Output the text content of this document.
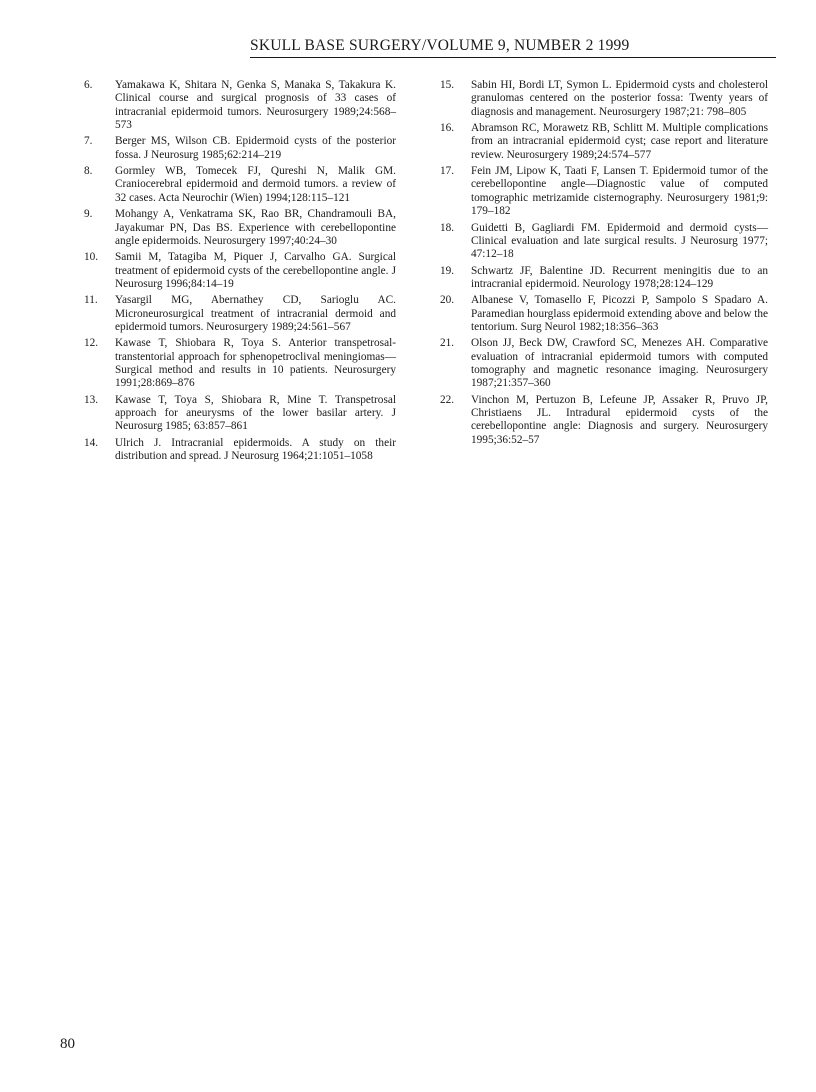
SKULL BASE SURGERY/VOLUME 9, NUMBER 2 1999
6.	Yamakawa K, Shitara N, Genka S, Manaka S, Takakura K. Clinical course and surgical prognosis of 33 cases of intracranial epidermoid tumors. Neurosurgery 1989;24:568–573
7.	Berger MS, Wilson CB. Epidermoid cysts of the posterior fossa. J Neurosurg 1985;62:214–219
8.	Gormley WB, Tomecek FJ, Qureshi N, Malik GM. Craniocerebral epidermoid and dermoid tumors. a review of 32 cases. Acta Neurochir (Wien) 1994;128:115–121
9.	Mohangy A, Venkatrama SK, Rao BR, Chandramouli BA, Jayakumar PN, Das BS. Experience with cerebellopontine angle epidermoids. Neurosurgery 1997;40:24–30
10.	Samii M, Tatagiba M, Piquer J, Carvalho GA. Surgical treatment of epidermoid cysts of the cerebellopontine angle. J Neurosurg 1996;84:14–19
11.	Yasargil MG, Abernathey CD, Sarioglu AC. Microneurosurgical treatment of intracranial dermoid and epidermoid tumors. Neurosurgery 1989;24:561–567
12.	Kawase T, Shiobara R, Toya S. Anterior transpetrosal-transtentorial approach for sphenopetroclival meningiomas—Surgical method and results in 10 patients. Neurosurgery 1991;28:869–876
13.	Kawase T, Toya S, Shiobara R, Mine T. Transpetrosal approach for aneurysms of the lower basilar artery. J Neurosurg 1985; 63:857–861
14.	Ulrich J. Intracranial epidermoids. A study on their distribution and spread. J Neurosurg 1964;21:1051–1058
15.	Sabin HI, Bordi LT, Symon L. Epidermoid cysts and cholesterol granulomas centered on the posterior fossa: Twenty years of diagnosis and management. Neurosurgery 1987;21: 798–805
16.	Abramson RC, Morawetz RB, Schlitt M. Multiple complications from an intracranial epidermoid cyst; case report and literature review. Neurosurgery 1989;24:574–577
17.	Fein JM, Lipow K, Taati F, Lansen T. Epidermoid tumor of the cerebellopontine angle—Diagnostic value of computed tomographic metrizamide cisternography. Neurosurgery 1981;9: 179–182
18.	Guidetti B, Gagliardi FM. Epidermoid and dermoid cysts—Clinical evaluation and late surgical results. J Neurosurg 1977; 47:12–18
19.	Schwartz JF, Balentine JD. Recurrent meningitis due to an intracranial epidermoid. Neurology 1978;28:124–129
20.	Albanese V, Tomasello F, Picozzi P, Sampolo S Spadaro A. Paramedian hourglass epidermoid extending above and below the tentorium. Surg Neurol 1982;18:356–363
21.	Olson JJ, Beck DW, Crawford SC, Menezes AH. Comparative evaluation of intracranial epidermoid tumors with computed tomography and magnetic resonance imaging. Neurosurgery 1987;21:357–360
22.	Vinchon M, Pertuzon B, Lefeune JP, Assaker R, Pruvo JP, Christiaens JL. Intradural epidermoid cysts of the cerebellopontine angle: Diagnosis and surgery. Neurosurgery 1995;36:52–57
80
